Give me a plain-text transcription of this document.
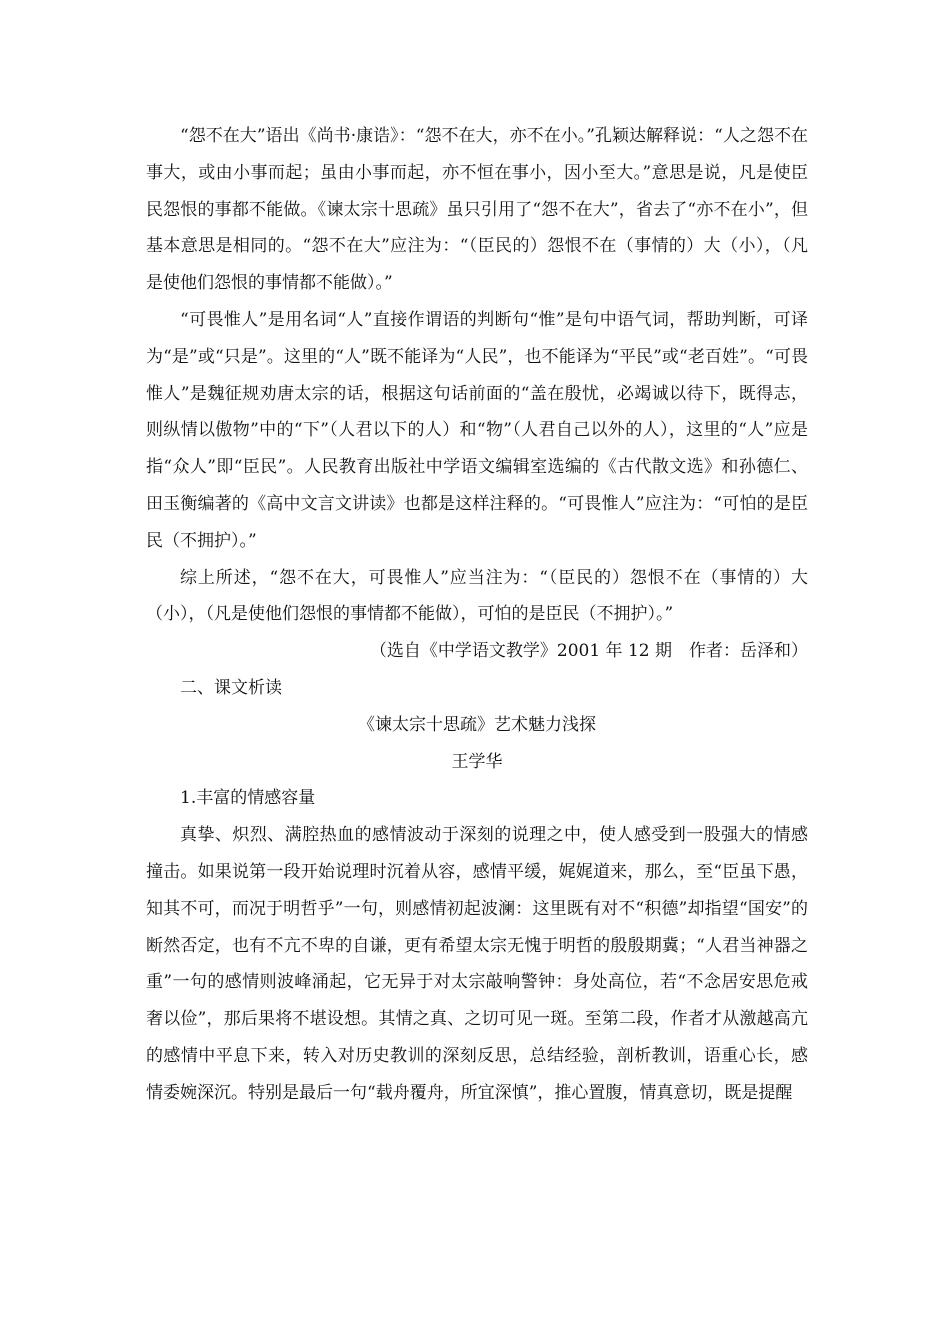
“怨不在大”语出《尚书·康诰》：“怨不在大，亦不在小。”孔颖达解释说：“人之怨不在事大，或由小事而起；虽由小事而起，亦不恒在事小，因小至大。”意思是说，凡是使臣民怨恨的事都不能做。《谏太宗十思疏》虽只引用了“怨不在大”，省去了“亦不在小”，但基本意思是相同的。“怨不在大”应注为：“（臣民的）怨恨不在（事情的）大（小），（凡是使他们怨恨的事情都不能做）。”

“可畏惟人”是用名词“人”直接作谓语的判断句“惟”是句中语气词，帮助判断，可译为“是”或“只是”。这里的“人”既不能译为“人民”，也不能译为“平民”或“老百姓”。“可畏惟人”是魏征规劝唐太宗的话，根据这句话前面的“盖在殷忧，必竭诚以待下，既得志，则纵情以傲物”中的“下”（人君以下的人）和“物”（人君自己以外的人），这里的“人”应是指“众人”即“臣民”。人民教育出版社中学语文编辑室选编的《古代散文选》和孙德仁、田玉衡编著的《高中文言文讲读》也都是这样注释的。“可畏惟人”应注为：“可怕的是臣民（不拥护）。”

综上所述，“怨不在大，可畏惟人”应当注为：“（臣民的）怨恨不在（事情的）大（小），（凡是使他们怨恨的事情都不能做），可怕的是臣民（不拥护）。”

（选自《中学语文教学》2001 年 12 期　作者：岳泽和）

二、课文析读

《谏太宗十思疏》艺术魅力浅探

王学华

1.丰富的情感容量

真挚、炽烈、满腔热血的感情波动于深刻的说理之中，使人感受到一股强大的情感撞击。如果说第一段开始说理时沉着从容，感情平缓，娓娓道来，那么，至“臣虽下愚，知其不可，而况于明哲乎”一句，则感情初起波澜：这里既有对不“积德”却指望“国安”的断然否定，也有不亢不卑的自谦，更有希望太宗无愧于明哲的殷殷期冀；“人君当神器之重”一句的感情则波峰涌起，它无异于对太宗敲响警钟：身处高位，若“不念居安思危戒奢以俭”，那后果将不堪设想。其情之真、之切可见一斑。至第二段，作者才从激越高亢的感情中平息下来，转入对历史教训的深刻反思，总结经验，剖析教训，语重心长，感情委婉深沉。特别是最后一句“载舟覆舟，所宜深慎”，推心置腹，情真意切，既是提醒
